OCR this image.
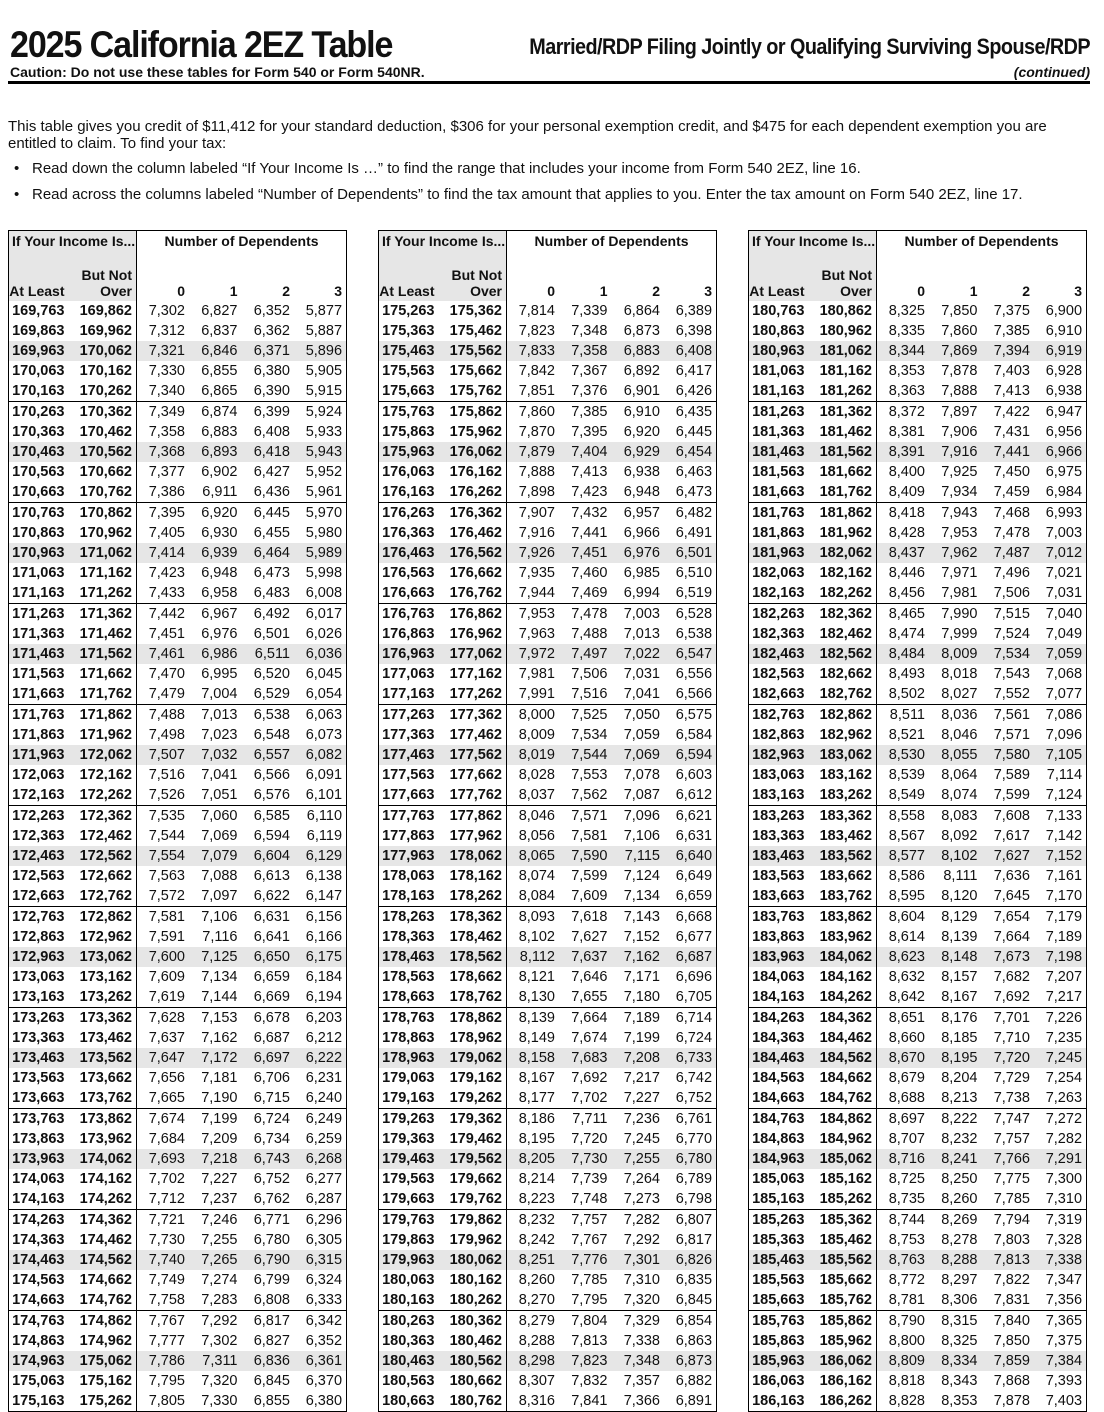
2025 California 2EZ Table	Married/RDP Filing Jointly or Qualifying Surviving Spouse/RDP
Caution: Do not use these tables for Form 540 or Form 540NR.	(continued)
This table gives you credit of $11,412 for your standard deduction, $306 for your personal exemption credit, and $475 for each dependent exemption you are entitled to claim. To find your tax:
• Read down the column labeled “If Your Income Is …” to find the range that includes your income from Form 540 2EZ, line 16.
• Read across the columns labeled “Number of Dependents” to find the tax amount that applies to you. Enter the tax amount on Form 540 2EZ, line 17.
If Your Income Is...		Number of Dependents			
At Least	But Not Over	0	1	2	3
169,763	169,862	7,302	6,827	6,352	5,877
169,863	169,962	7,312	6,837	6,362	5,887
169,963	170,062	7,321	6,846	6,371	5,896
170,063	170,162	7,330	6,855	6,380	5,905
170,163	170,262	7,340	6,865	6,390	5,915
170,263	170,362	7,349	6,874	6,399	5,924
170,363	170,462	7,358	6,883	6,408	5,933
170,463	170,562	7,368	6,893	6,418	5,943
170,563	170,662	7,377	6,902	6,427	5,952
170,663	170,762	7,386	6,911	6,436	5,961
170,763	170,862	7,395	6,920	6,445	5,970
170,863	170,962	7,405	6,930	6,455	5,980
170,963	171,062	7,414	6,939	6,464	5,989
171,063	171,162	7,423	6,948	6,473	5,998
171,163	171,262	7,433	6,958	6,483	6,008
171,263	171,362	7,442	6,967	6,492	6,017
171,363	171,462	7,451	6,976	6,501	6,026
171,463	171,562	7,461	6,986	6,511	6,036
171,563	171,662	7,470	6,995	6,520	6,045
171,663	171,762	7,479	7,004	6,529	6,054
171,763	171,862	7,488	7,013	6,538	6,063
171,863	171,962	7,498	7,023	6,548	6,073
171,963	172,062	7,507	7,032	6,557	6,082
172,063	172,162	7,516	7,041	6,566	6,091
172,163	172,262	7,526	7,051	6,576	6,101
172,263	172,362	7,535	7,060	6,585	6,110
172,363	172,462	7,544	7,069	6,594	6,119
172,463	172,562	7,554	7,079	6,604	6,129
172,563	172,662	7,563	7,088	6,613	6,138
172,663	172,762	7,572	7,097	6,622	6,147
172,763	172,862	7,581	7,106	6,631	6,156
172,863	172,962	7,591	7,116	6,641	6,166
172,963	173,062	7,600	7,125	6,650	6,175
173,063	173,162	7,609	7,134	6,659	6,184
173,163	173,262	7,619	7,144	6,669	6,194
173,263	173,362	7,628	7,153	6,678	6,203
173,363	173,462	7,637	7,162	6,687	6,212
173,463	173,562	7,647	7,172	6,697	6,222
173,563	173,662	7,656	7,181	6,706	6,231
173,663	173,762	7,665	7,190	6,715	6,240
173,763	173,862	7,674	7,199	6,724	6,249
173,863	173,962	7,684	7,209	6,734	6,259
173,963	174,062	7,693	7,218	6,743	6,268
174,063	174,162	7,702	7,227	6,752	6,277
174,163	174,262	7,712	7,237	6,762	6,287
174,263	174,362	7,721	7,246	6,771	6,296
174,363	174,462	7,730	7,255	6,780	6,305
174,463	174,562	7,740	7,265	6,790	6,315
174,563	174,662	7,749	7,274	6,799	6,324
174,663	174,762	7,758	7,283	6,808	6,333
174,763	174,862	7,767	7,292	6,817	6,342
174,863	174,962	7,777	7,302	6,827	6,352
174,963	175,062	7,786	7,311	6,836	6,361
175,063	175,162	7,795	7,320	6,845	6,370
175,163	175,262	7,805	7,330	6,855	6,380
If Your Income Is...		Number of Dependents			
At Least	But Not Over	0	1	2	3
175,263	175,362	7,814	7,339	6,864	6,389
175,363	175,462	7,823	7,348	6,873	6,398
175,463	175,562	7,833	7,358	6,883	6,408
175,563	175,662	7,842	7,367	6,892	6,417
175,663	175,762	7,851	7,376	6,901	6,426
175,763	175,862	7,860	7,385	6,910	6,435
175,863	175,962	7,870	7,395	6,920	6,445
175,963	176,062	7,879	7,404	6,929	6,454
176,063	176,162	7,888	7,413	6,938	6,463
176,163	176,262	7,898	7,423	6,948	6,473
176,263	176,362	7,907	7,432	6,957	6,482
176,363	176,462	7,916	7,441	6,966	6,491
176,463	176,562	7,926	7,451	6,976	6,501
176,563	176,662	7,935	7,460	6,985	6,510
176,663	176,762	7,944	7,469	6,994	6,519
176,763	176,862	7,953	7,478	7,003	6,528
176,863	176,962	7,963	7,488	7,013	6,538
176,963	177,062	7,972	7,497	7,022	6,547
177,063	177,162	7,981	7,506	7,031	6,556
177,163	177,262	7,991	7,516	7,041	6,566
177,263	177,362	8,000	7,525	7,050	6,575
177,363	177,462	8,009	7,534	7,059	6,584
177,463	177,562	8,019	7,544	7,069	6,594
177,563	177,662	8,028	7,553	7,078	6,603
177,663	177,762	8,037	7,562	7,087	6,612
177,763	177,862	8,046	7,571	7,096	6,621
177,863	177,962	8,056	7,581	7,106	6,631
177,963	178,062	8,065	7,590	7,115	6,640
178,063	178,162	8,074	7,599	7,124	6,649
178,163	178,262	8,084	7,609	7,134	6,659
178,263	178,362	8,093	7,618	7,143	6,668
178,363	178,462	8,102	7,627	7,152	6,677
178,463	178,562	8,112	7,637	7,162	6,687
178,563	178,662	8,121	7,646	7,171	6,696
178,663	178,762	8,130	7,655	7,180	6,705
178,763	178,862	8,139	7,664	7,189	6,714
178,863	178,962	8,149	7,674	7,199	6,724
178,963	179,062	8,158	7,683	7,208	6,733
179,063	179,162	8,167	7,692	7,217	6,742
179,163	179,262	8,177	7,702	7,227	6,752
179,263	179,362	8,186	7,711	7,236	6,761
179,363	179,462	8,195	7,720	7,245	6,770
179,463	179,562	8,205	7,730	7,255	6,780
179,563	179,662	8,214	7,739	7,264	6,789
179,663	179,762	8,223	7,748	7,273	6,798
179,763	179,862	8,232	7,757	7,282	6,807
179,863	179,962	8,242	7,767	7,292	6,817
179,963	180,062	8,251	7,776	7,301	6,826
180,063	180,162	8,260	7,785	7,310	6,835
180,163	180,262	8,270	7,795	7,320	6,845
180,263	180,362	8,279	7,804	7,329	6,854
180,363	180,462	8,288	7,813	7,338	6,863
180,463	180,562	8,298	7,823	7,348	6,873
180,563	180,662	8,307	7,832	7,357	6,882
180,663	180,762	8,316	7,841	7,366	6,891
If Your Income Is...		Number of Dependents			
At Least	But Not Over	0	1	2	3
180,763	180,862	8,325	7,850	7,375	6,900
180,863	180,962	8,335	7,860	7,385	6,910
180,963	181,062	8,344	7,869	7,394	6,919
181,063	181,162	8,353	7,878	7,403	6,928
181,163	181,262	8,363	7,888	7,413	6,938
181,263	181,362	8,372	7,897	7,422	6,947
181,363	181,462	8,381	7,906	7,431	6,956
181,463	181,562	8,391	7,916	7,441	6,966
181,563	181,662	8,400	7,925	7,450	6,975
181,663	181,762	8,409	7,934	7,459	6,984
181,763	181,862	8,418	7,943	7,468	6,993
181,863	181,962	8,428	7,953	7,478	7,003
181,963	182,062	8,437	7,962	7,487	7,012
182,063	182,162	8,446	7,971	7,496	7,021
182,163	182,262	8,456	7,981	7,506	7,031
182,263	182,362	8,465	7,990	7,515	7,040
182,363	182,462	8,474	7,999	7,524	7,049
182,463	182,562	8,484	8,009	7,534	7,059
182,563	182,662	8,493	8,018	7,543	7,068
182,663	182,762	8,502	8,027	7,552	7,077
182,763	182,862	8,511	8,036	7,561	7,086
182,863	182,962	8,521	8,046	7,571	7,096
182,963	183,062	8,530	8,055	7,580	7,105
183,063	183,162	8,539	8,064	7,589	7,114
183,163	183,262	8,549	8,074	7,599	7,124
183,263	183,362	8,558	8,083	7,608	7,133
183,363	183,462	8,567	8,092	7,617	7,142
183,463	183,562	8,577	8,102	7,627	7,152
183,563	183,662	8,586	8,111	7,636	7,161
183,663	183,762	8,595	8,120	7,645	7,170
183,763	183,862	8,604	8,129	7,654	7,179
183,863	183,962	8,614	8,139	7,664	7,189
183,963	184,062	8,623	8,148	7,673	7,198
184,063	184,162	8,632	8,157	7,682	7,207
184,163	184,262	8,642	8,167	7,692	7,217
184,263	184,362	8,651	8,176	7,701	7,226
184,363	184,462	8,660	8,185	7,710	7,235
184,463	184,562	8,670	8,195	7,720	7,245
184,563	184,662	8,679	8,204	7,729	7,254
184,663	184,762	8,688	8,213	7,738	7,263
184,763	184,862	8,697	8,222	7,747	7,272
184,863	184,962	8,707	8,232	7,757	7,282
184,963	185,062	8,716	8,241	7,766	7,291
185,063	185,162	8,725	8,250	7,775	7,300
185,163	185,262	8,735	8,260	7,785	7,310
185,263	185,362	8,744	8,269	7,794	7,319
185,363	185,462	8,753	8,278	7,803	7,328
185,463	185,562	8,763	8,288	7,813	7,338
185,563	185,662	8,772	8,297	7,822	7,347
185,663	185,762	8,781	8,306	7,831	7,356
185,763	185,862	8,790	8,315	7,840	7,365
185,863	185,962	8,800	8,325	7,850	7,375
185,963	186,062	8,809	8,334	7,859	7,384
186,063	186,162	8,818	8,343	7,868	7,393
186,163	186,262	8,828	8,353	7,878	7,403
